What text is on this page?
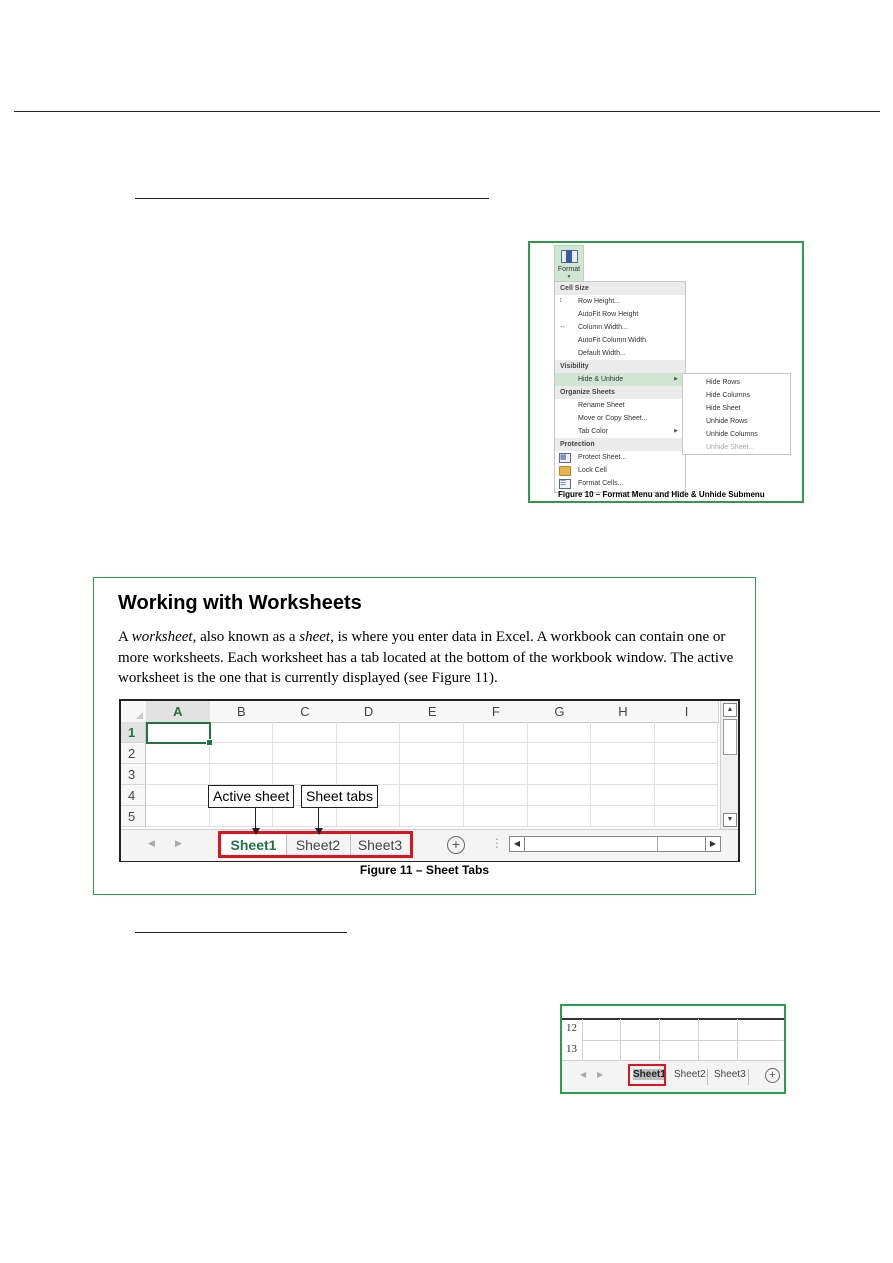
Format
▼
Cell Size
↕	Row Height...
AutoFit Row Height
↔	Column Width...
AutoFit Column Width
Default Width...
Visibility
Hide & Unhide	▶
Organize Sheets
Rename Sheet
Move or Copy Sheet...
Tab Color	▶
Protection
▦	Protect Sheet...
Lock Cell
☰	Format Cells...
Hide Rows
Hide Columns
Hide Sheet
Unhide Rows
Unhide Columns
Unhide Sheet...
Figure 10 – Format Menu and Hide & Unhide Submenu
Working with Worksheets
A worksheet, also known as a sheet, is where you enter data in Excel. A workbook can contain one or more worksheets. Each worksheet has a tab located at the bottom of the workbook window. The active worksheet is the one that is currently displayed (see Figure 11).
A	B	C	D	E	F	G	H	I
1
2
3
4
5
▲
▼
◀ ▶	Sheet1	Sheet2	Sheet3	+	⋮	◀	▶
Active sheet	Sheet tabs
Figure 11 – Sheet Tabs
12
13
◀ ▶	Sheet1 Sheet2 Sheet3	+
